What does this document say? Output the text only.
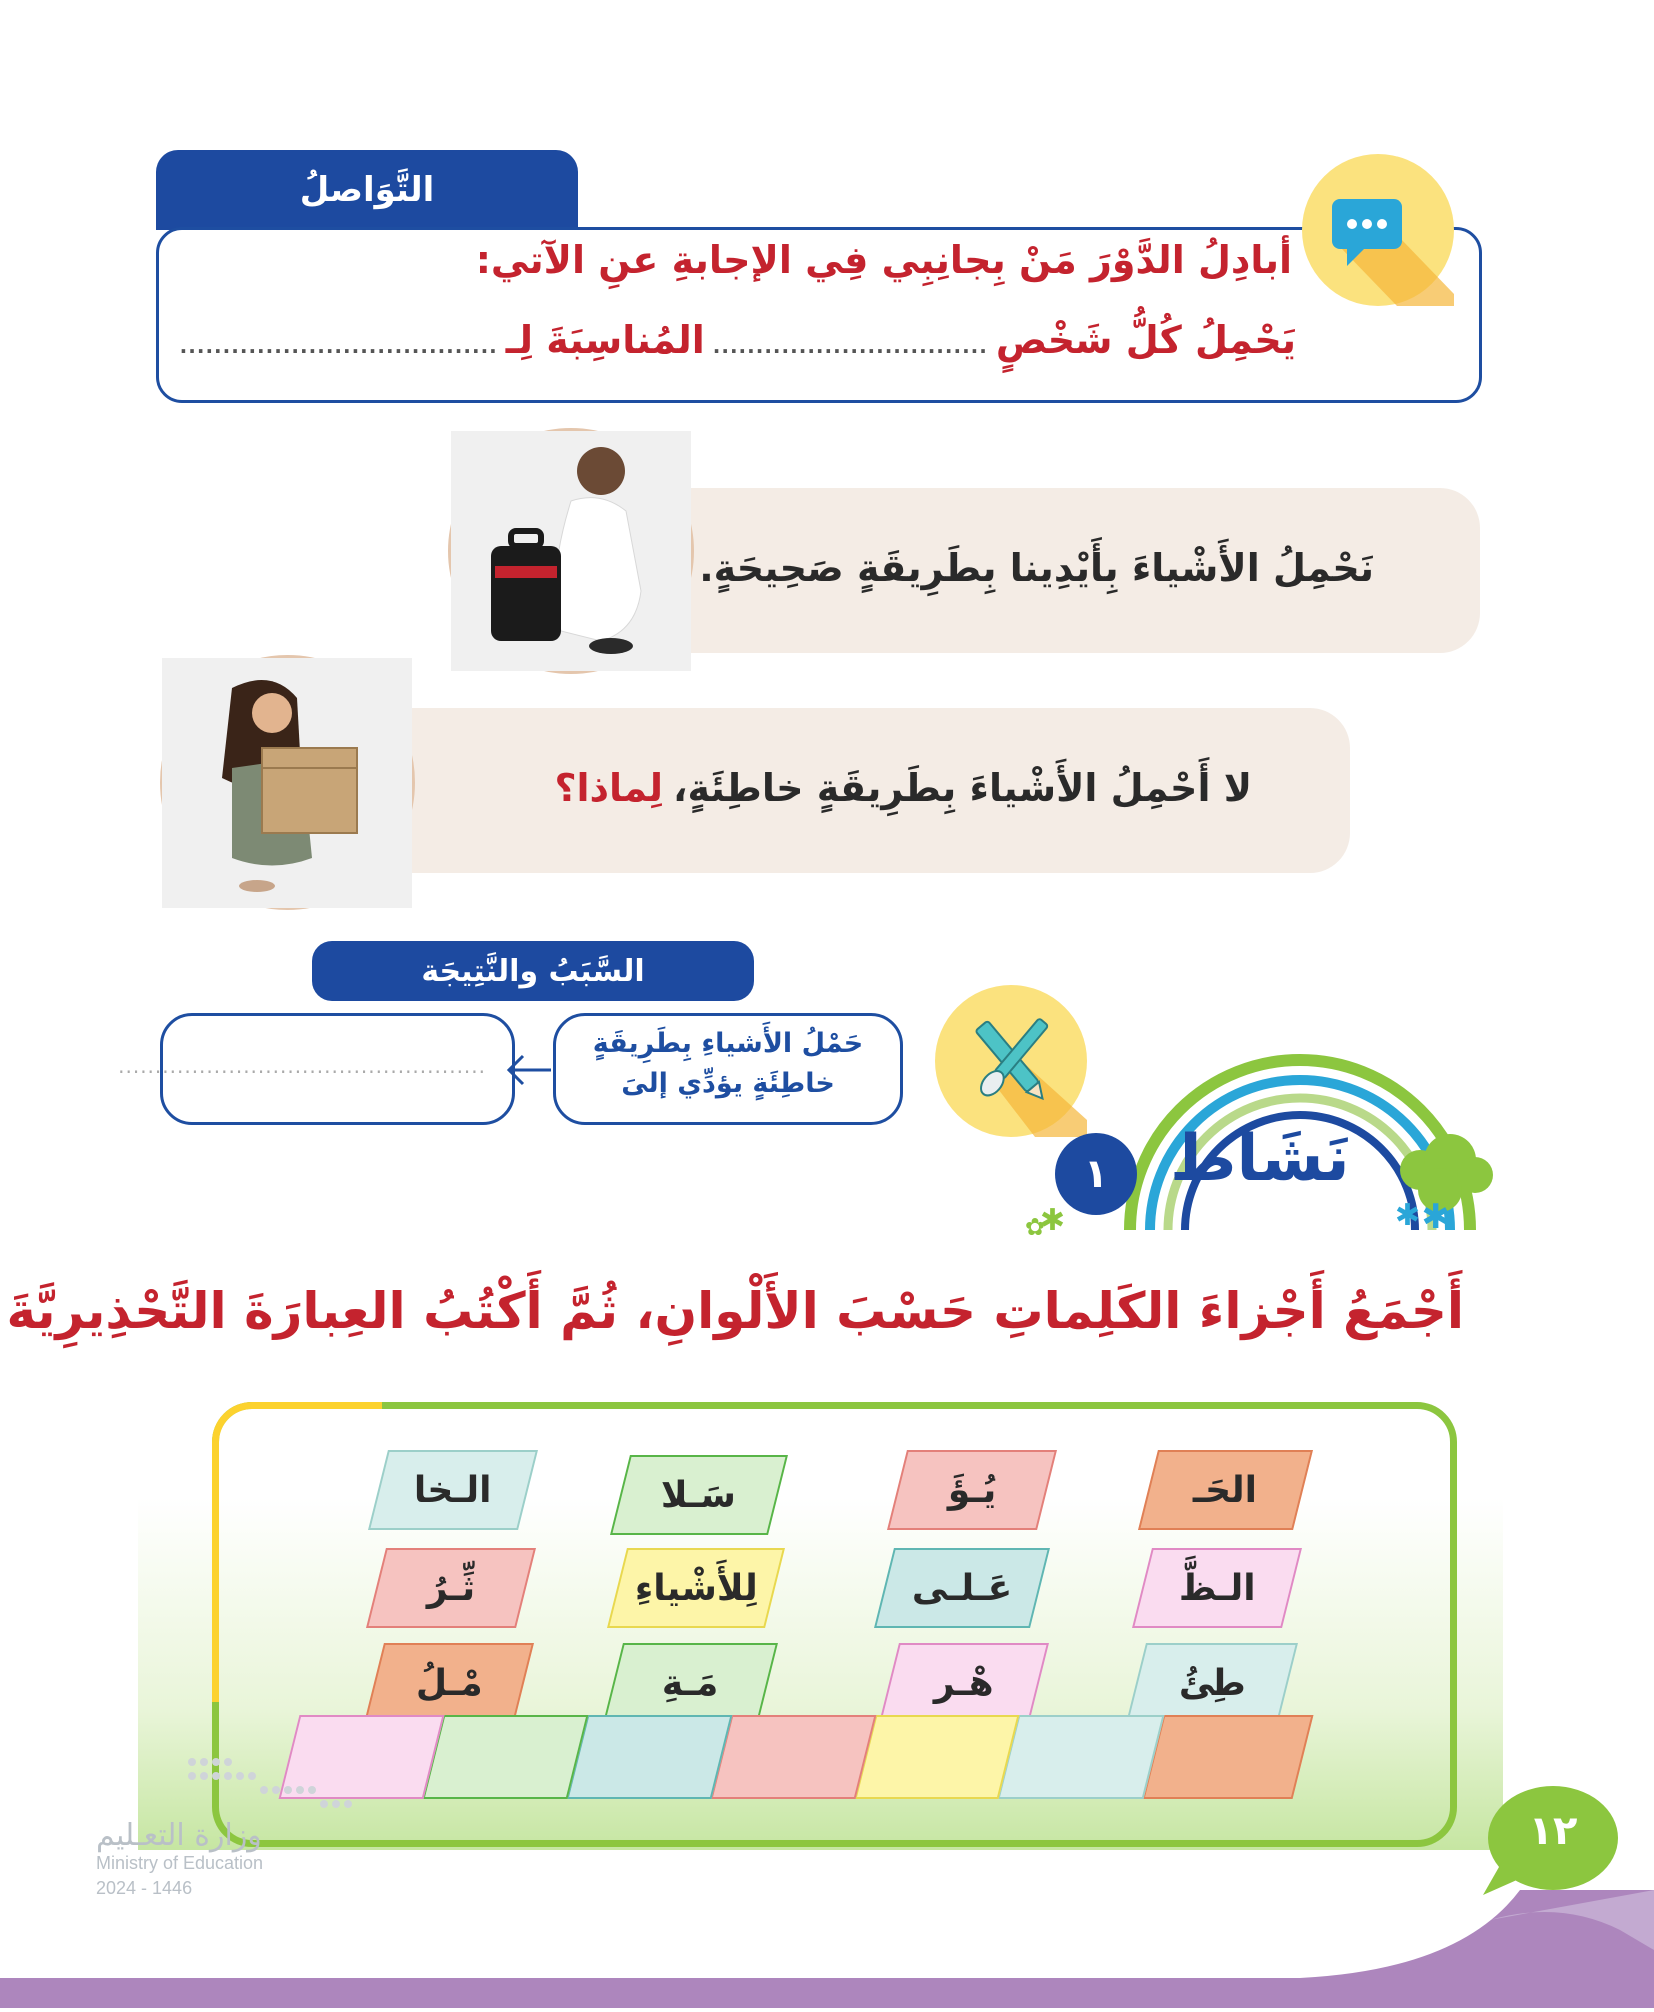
التَّوَاصلُ
أبادِلُ الدَّوْرَ مَنْ بِجانِبِي فِي الإجابةِ عنِ الآتي:
يَحْمِلُ كُلُّ شَخْصٍ
................................
المُناسِبَةَ لِـ
.....................................
نَحْمِلُ الأَشْياءَ بِأَيْدِينا بِطَرِيقَةٍ صَحِيحَةٍ.
لا أَحْمِلُ الأَشْياءَ بِطَرِيقَةٍ خاطِئَةٍ،
لِماذا؟
السَّبَبُ والنَّتِيجَة
حَمْلُ الأَشياءِ بِطَرِيقَةٍ
خاطِئَةٍ يؤدِّي إلىَ
..................................................
✱ ✱
✿
✱
نَشَاط
١
أَجْمَعُ أَجْزاءَ الكَلِماتِ حَسْبَ الأَلْوانِ، ثُمَّ أَكْتُبُ العِبارَةَ التَّحْذِيرِيَّةَ
الحَـ
يُـؤَ
سَـلا
الـخا
الـظَّ
عَـلـى
لِلأَشْياءِ
ثِّـرُ
طِئُ
هْـر
مَـةِ
مْـلُ
١٢
وزارة التعـليم
Ministry of Education
2024 - 1446
